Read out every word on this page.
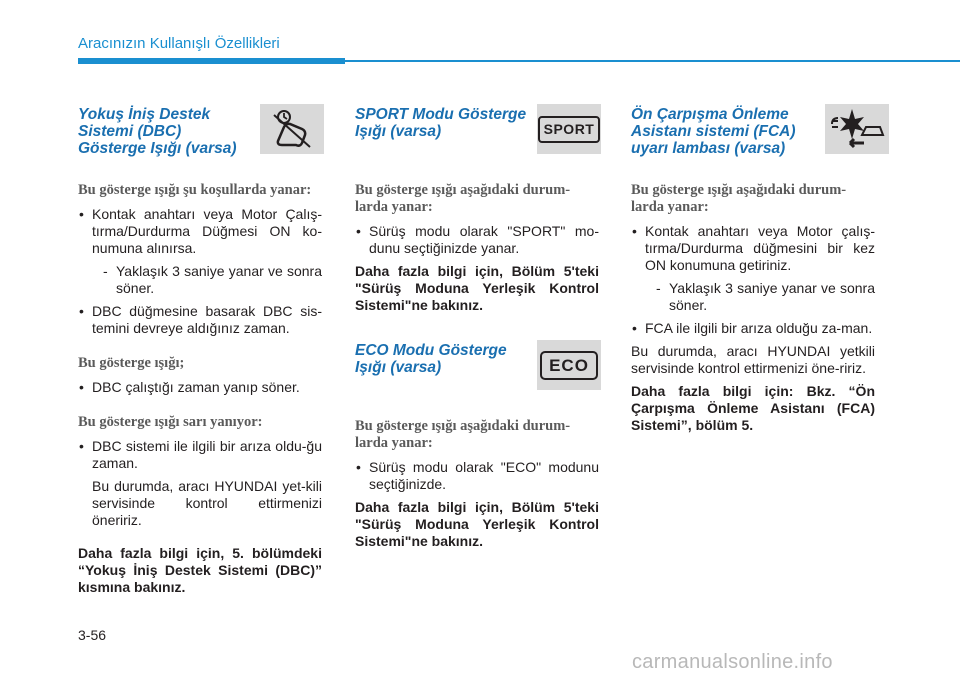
Aracınızın Kullanışlı Özellikleri
Yokuş İniş Destek
Sistemi (DBC)
Gösterge Işığı (varsa)

Bu gösterge ışığı şu koşullarda yanar:

• Kontak anahtarı veya Motor Çalış-tırma/Durdurma Düğmesi ON ko-numuna alınırsa.

- Yaklaşık 3 saniye yanar ve sonra söner.

• DBC düğmesine basarak DBC sis-temini devreye aldığınız zaman.

Bu gösterge ışığı;

• DBC çalıştığı zaman yanıp söner.

Bu gösterge ışığı sarı yanıyor:

• DBC sistemi ile ilgili bir arıza oldu-ğu zaman.

Bu durumda, aracı HYUNDAI yet-kili servisinde kontrol ettirmenizi öneririz.

Daha fazla bilgi için, 5. bölümdeki “Yokuş İniş Destek Sistemi (DBC)” kısmına bakınız.

SPORT Modu Gösterge
Işığı (varsa)	SPORT

Bu gösterge ışığı aşağıdaki durum-larda yanar:

• Sürüş modu olarak "SPORT" mo-dunu seçtiğinizde yanar.

Daha fazla bilgi için, Bölüm 5'teki "Sürüş Moduna Yerleşik Kontrol Sistemi"ne bakınız.

ECO Modu Gösterge
Işığı (varsa)	ECO

Bu gösterge ışığı aşağıdaki durum-larda yanar:

• Sürüş modu olarak "ECO" modunu seçtiğinizde.

Daha fazla bilgi için, Bölüm 5'teki "Sürüş Moduna Yerleşik Kontrol Sistemi"ne bakınız.

Ön Çarpışma Önleme
Asistanı sistemi (FCA)
uyarı lambası (varsa)

Bu gösterge ışığı aşağıdaki durum-larda yanar:

• Kontak anahtarı veya Motor çalış-tırma/Durdurma düğmesini bir kez ON konumuna getiriniz.

- Yaklaşık 3 saniye yanar ve sonra söner.

• FCA ile ilgili bir arıza olduğu za-man.

Bu durumda, aracı HYUNDAI yetkili servisinde kontrol ettirmenizi öne-ririz.

Daha fazla bilgi için: Bkz. “Ön Çarpışma Önleme Asistanı (FCA) Sistemi”, bölüm 5.

3-56
carmanualsonline.info
